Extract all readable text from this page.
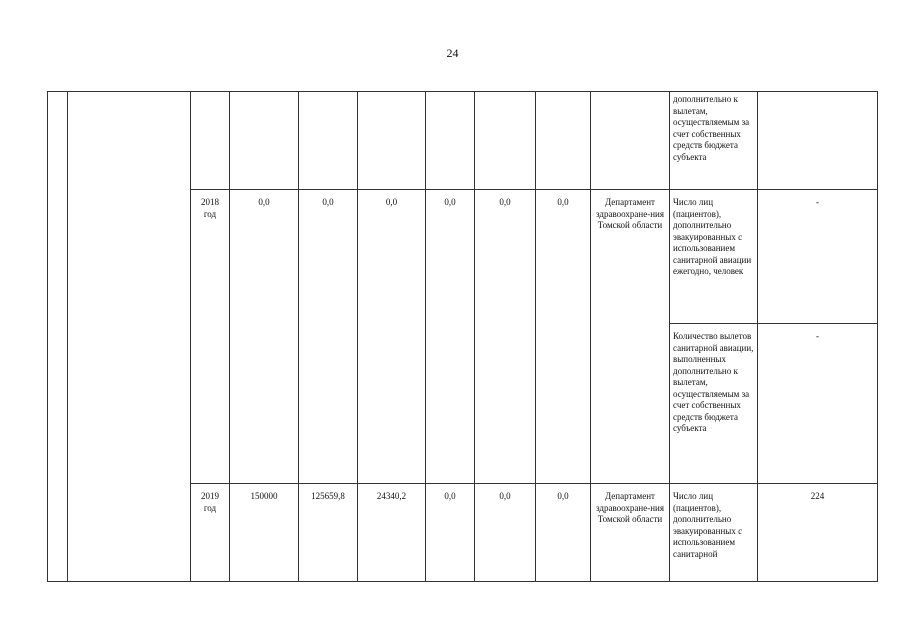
24
										дополнительно к вылетам, осуществляемым за счет собственных средств бюджета субъекта	
		2018 год	0,0	0,0	0,0	0,0	0,0	0,0	Департамент здравоохране-ния Томской области	Число лиц (пациентов), дополнительно эвакуированных с использованием санитарной авиации ежегодно, человек	-
										Количество вылетов санитарной авиации, выполненных дополнительно к вылетам, осуществляемым за счет собственных средств бюджета субъекта	-
		2019 год	150000	125659,8	24340,2	0,0	0,0	0,0	Департамент здравоохране-ния Томской области	Число лиц (пациентов), дополнительно эвакуированных с использованием санитарной	224
